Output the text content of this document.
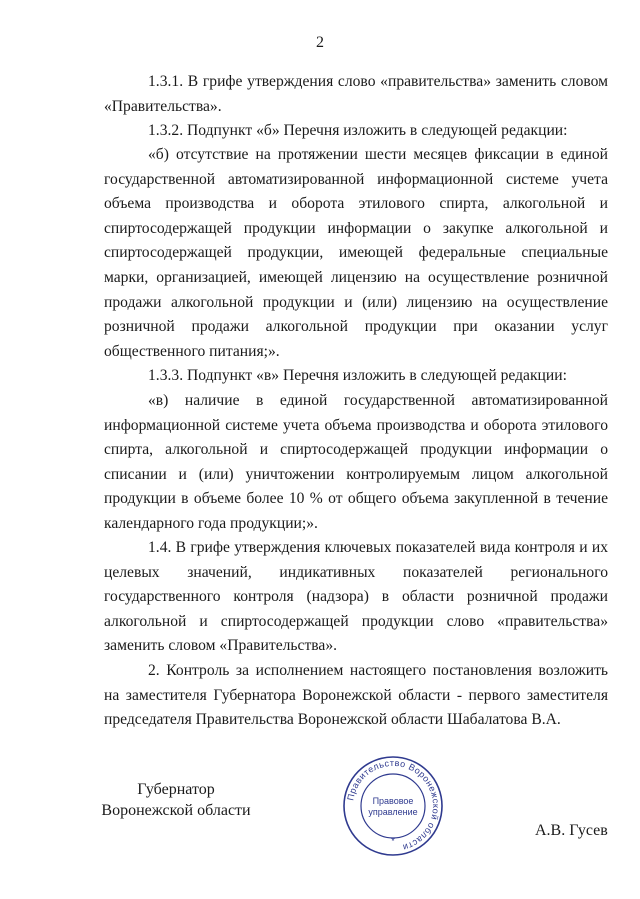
2

1.3.1. В грифе утверждения слово «правительства» заменить словом «Правительства».

1.3.2. Подпункт «б» Перечня изложить в следующей редакции:

«б) отсутствие на протяжении шести месяцев фиксации в единой государственной автоматизированной информационной системе учета объема производства и оборота этилового спирта, алкогольной и спиртосодержащей продукции информации о закупке алкогольной и спиртосодержащей продукции, имеющей федеральные специальные марки, организацией, имеющей лицензию на осуществление розничной продажи алкогольной продукции и (или) лицензию на осуществление розничной продажи алкогольной продукции при оказании услуг общественного питания;».

1.3.3. Подпункт «в» Перечня изложить в следующей редакции:

«в) наличие в единой государственной автоматизированной информационной системе учета объема производства и оборота этилового спирта, алкогольной и спиртосодержащей продукции информации о списании и (или) уничтожении контролируемым лицом алкогольной продукции в объеме более 10 % от общего объема закупленной в течение календарного года продукции;».

1.4. В грифе утверждения ключевых показателей вида контроля и их целевых значений, индикативных показателей регионального государственного контроля (надзора) в области розничной продажи алкогольной и спиртосодержащей продукции слово «правительства» заменить словом «Правительства».

2. Контроль за исполнением настоящего постановления возложить на заместителя Губернатора Воронежской области - первого заместителя председателя Правительства Воронежской области Шабалатова В.А.

Губернатор
Воронежской области
Правительство Воронежской области
Правовое
управление
*
А.В. Гусев
